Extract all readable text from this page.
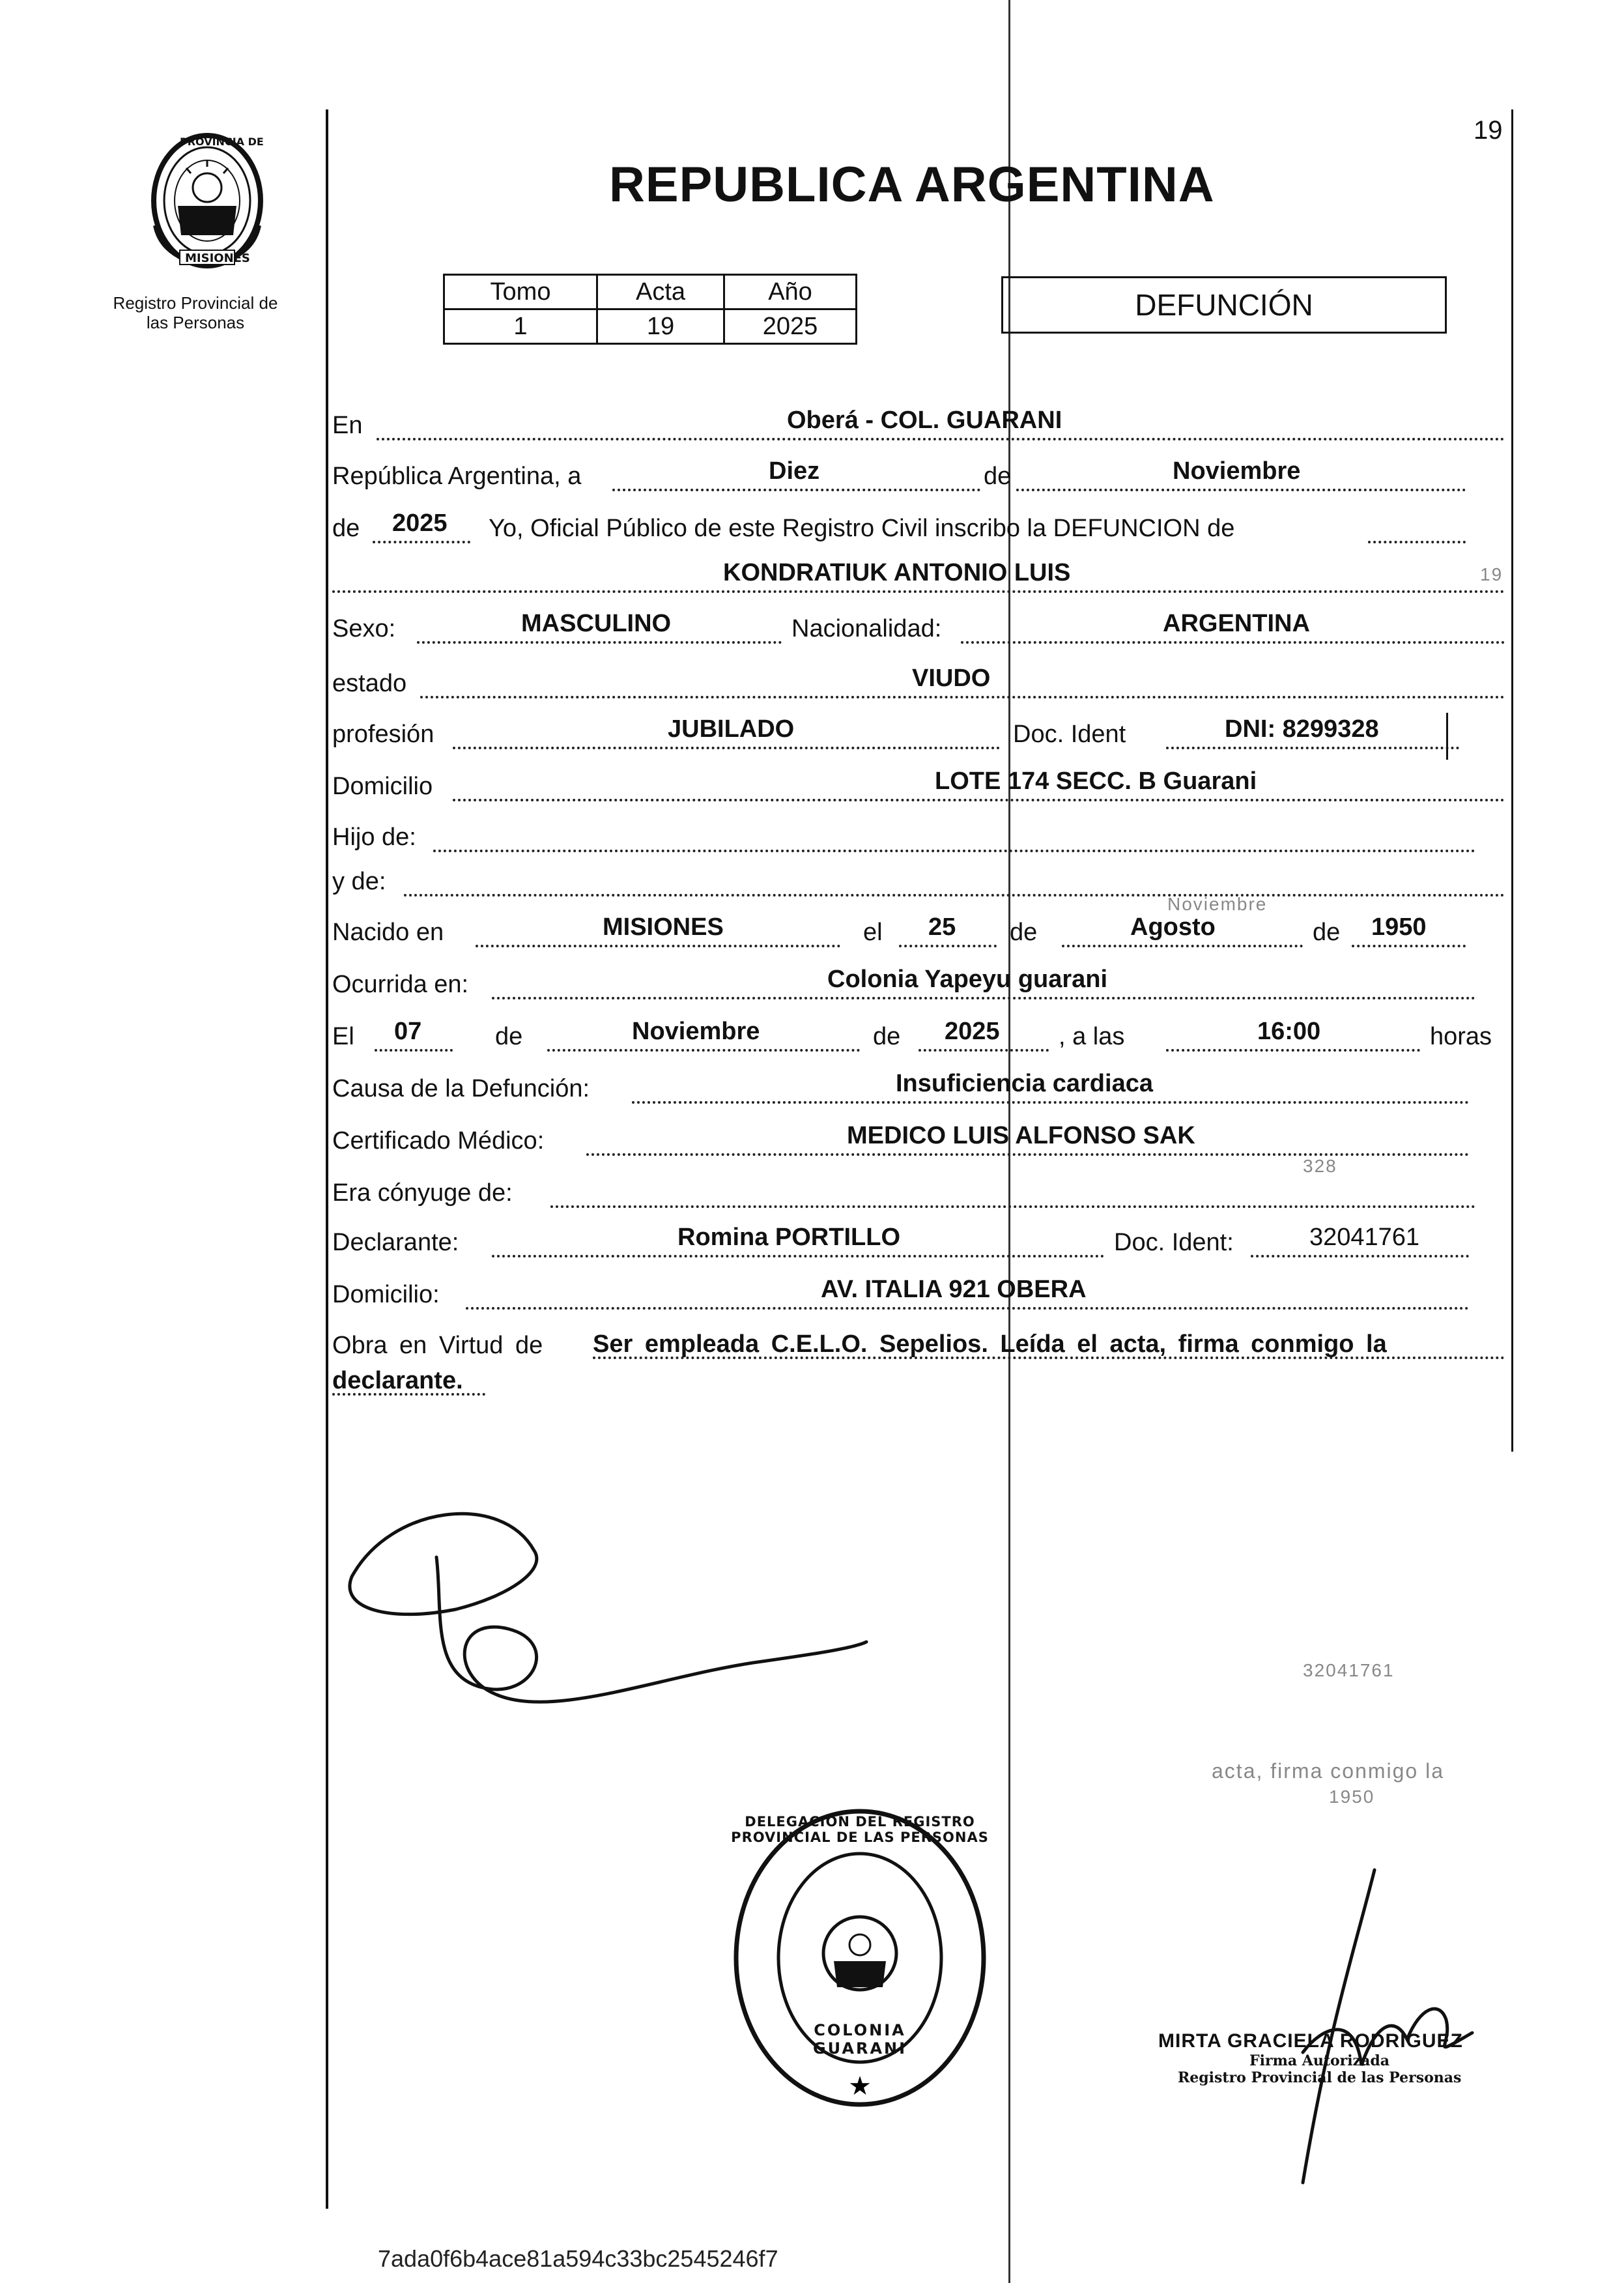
19
PROVINCIA DE
MISIONES
Registro Provincial de
las Personas
REPUBLICA ARGENTINA
Tomo	Acta	Año
1	19	2025
DEFUNCIÓN
En	Oberá - COL. GUARANI
República Argentina, a	Diez	de	Noviembre
de 2025 Yo, Oficial Público de este Registro Civil inscribo la DEFUNCION de
KONDRATIUK ANTONIO LUIS	19
Sexo:	MASCULINO	Nacionalidad:	ARGENTINA
estado	VIUDO
profesión	JUBILADO	Doc. Ident	DNI: 8299328
Domicilio	LOTE 174 SECC. B Guarani
Hijo de:
y de:
Noviembre
Nacido en	MISIONES	el 25 de	Agosto	de 1950
Ocurrida en:	Colonia Yapeyu guarani
El 07	de	Noviembre	de 2025 , a las	16:00	horas
Causa de la Defunción:	Insuficiencia cardiaca
Certificado Médico:	MEDICO LUIS ALFONSO SAK
328
Era cónyuge de:
Declarante:	Romina PORTILLO	Doc. Ident:	32041761
Domicilio:	AV. ITALIA 921 OBERA
Obra en Virtud de Ser empleada C.E.L.O. Sepelios. Leída el acta, firma conmigo la
declarante.
32041761
acta, firma conmigo la
1950
★
DELEGACION DEL REGISTRO PROVINCIAL DE LAS PERSONAS
COLONIA GUARANI	MIRTA GRACIELA RODRIGUEZ
Firma Autorizada
Registro Provincial de las Personas
7ada0f6b4ace81a594c33bc2545246f7
